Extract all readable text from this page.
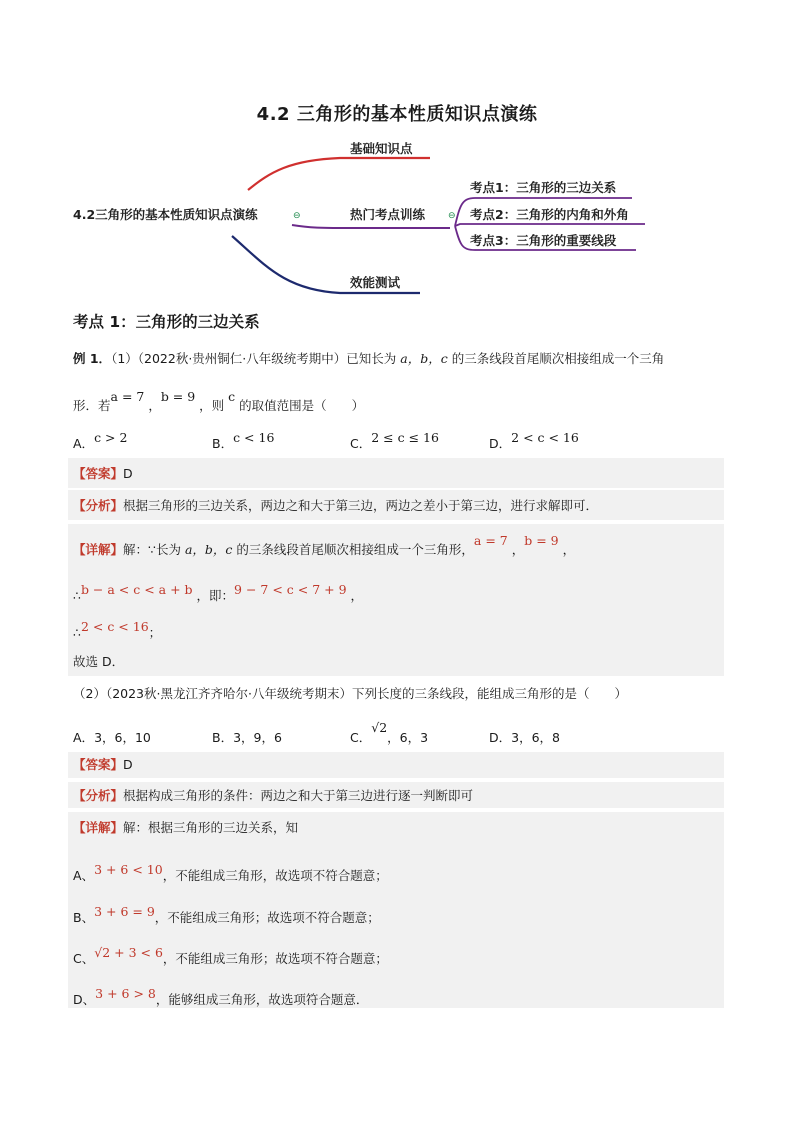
4.2 三角形的基本性质知识点演练
4.2三角形的基本性质知识点演练	⊖
基础知识点
热门考点训练	⊖
考点1：三角形的三边关系
考点2：三角形的内角和外角
考点3：三角形的重要线段
效能测试
考点 1：三角形的三边关系
例 1．（1）（2022秋·贵州铜仁·八年级统考期中）已知长为 a，b，c 的三条线段首尾顺次相接组成一个三角
形．若a = 7 ，b = 9 ，则 c 的取值范围是（　　）
A．c > 2	B．c < 16	C．2 ≤ c ≤ 16	D．2 < c < 16
【答案】D
【分析】根据三角形的三边关系，两边之和大于第三边，两边之差小于第三边，进行求解即可．
【详解】解：∵长为 a，b，c 的三条线段首尾顺次相接组成一个三角形，a = 7 ，b = 9 ，
∴b − a < c < a + b ，即：9 − 7 < c < 7 + 9 ，
∴2 < c < 16；
故选 D．
（2）（2023秋·黑龙江齐齐哈尔·八年级统考期末）下列长度的三条线段，能组成三角形的是（　　）
A．3，6，10	B．3，9，6	C．√2，6，3	D．3，6，8
【答案】D
【分析】根据构成三角形的条件：两边之和大于第三边进行逐一判断即可
【详解】解：根据三角形的三边关系，知
A、3 + 6 < 10，不能组成三角形，故选项不符合题意；
B、3 + 6 = 9，不能组成三角形；故选项不符合题意；
C、√2 + 3 < 6，不能组成三角形；故选项不符合题意；
D、3 + 6 > 8，能够组成三角形，故选项符合题意．
